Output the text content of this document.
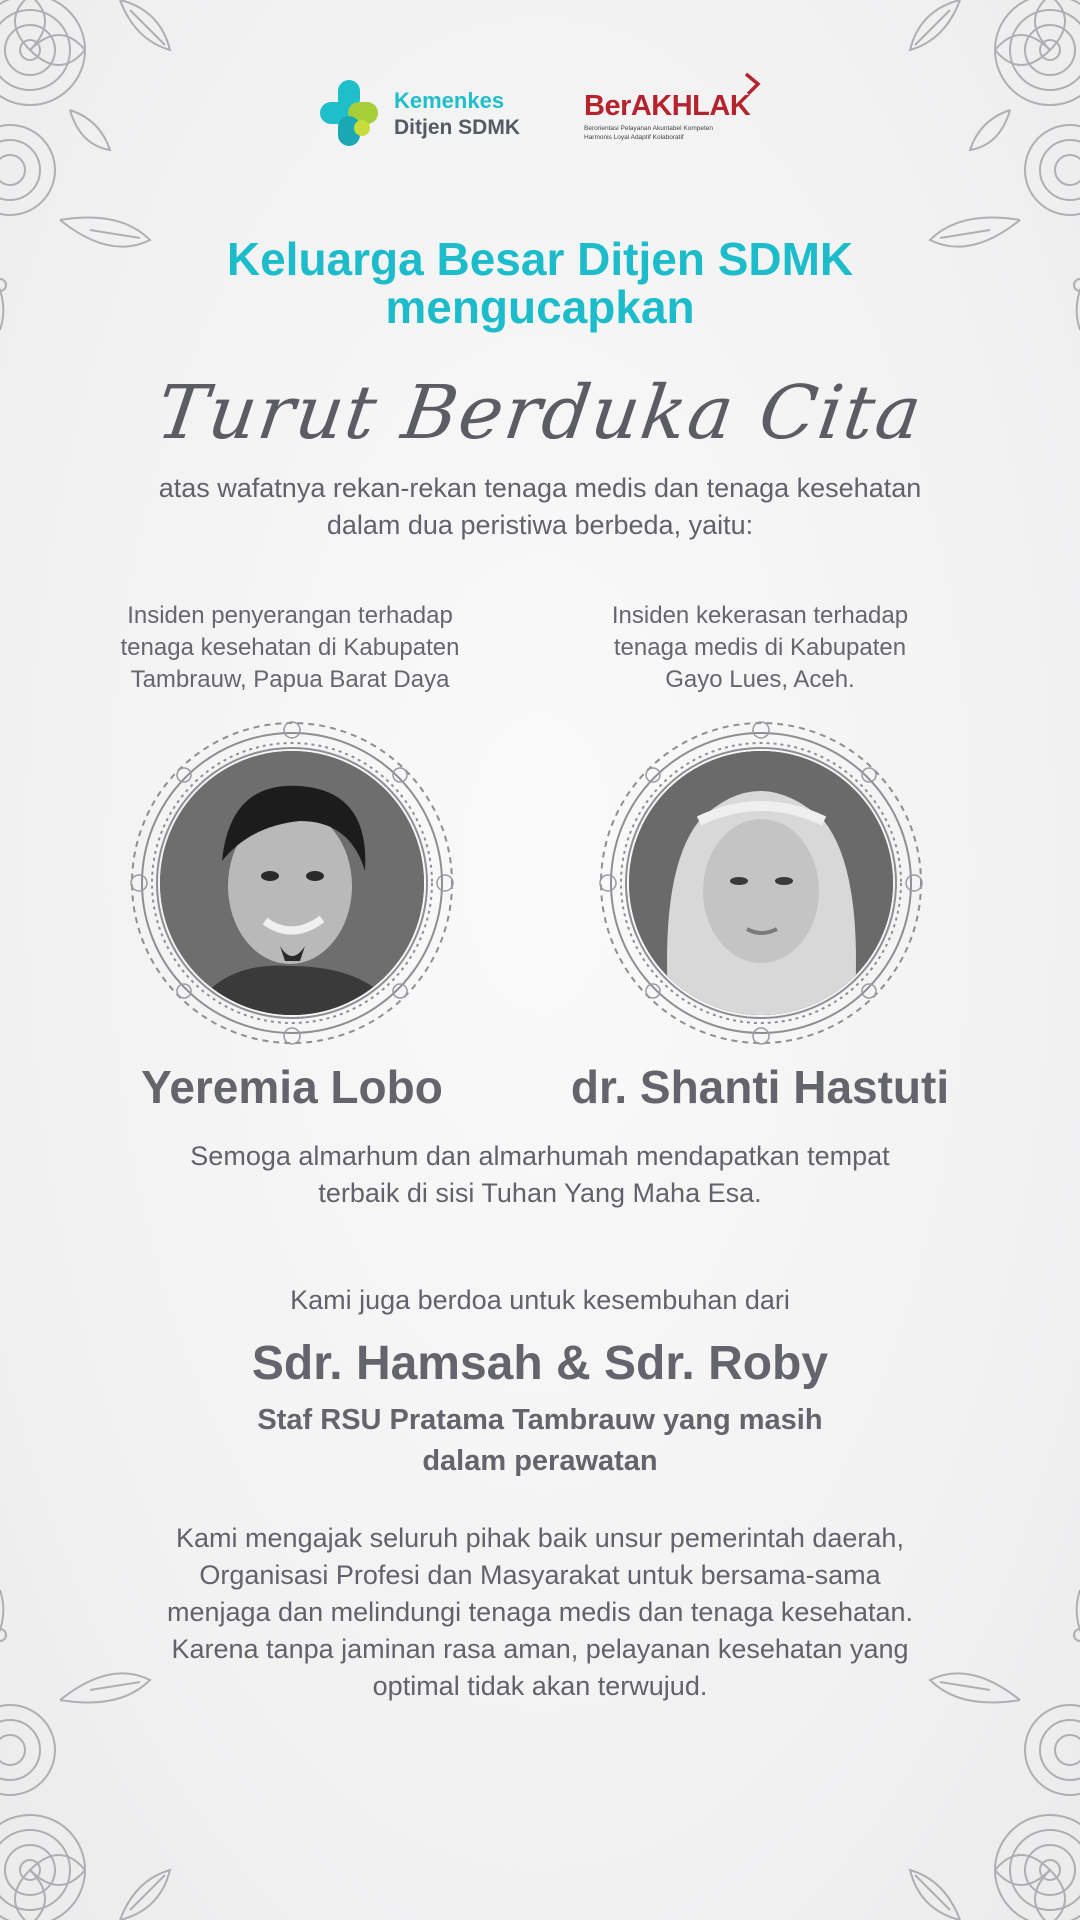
Kemenkes
Ditjen SDMK
BerAKHLAK
Berorientasi Pelayanan Akuntabel Kompeten
Harmonis Loyal Adaptif Kolaboratif
Keluarga Besar Ditjen SDMK
mengucapkan
Turut Berduka Cita
atas wafatnya rekan-rekan tenaga medis dan tenaga kesehatan
dalam dua peristiwa berbeda, yaitu:
Insiden penyerangan terhadap
tenaga kesehatan di Kabupaten
Tambrauw, Papua Barat Daya
Insiden kekerasan terhadap
tenaga medis di Kabupaten
Gayo Lues, Aceh.
Yeremia Lobo	dr. Shanti Hastuti
Semoga almarhum dan almarhumah mendapatkan tempat
terbaik di sisi Tuhan Yang Maha Esa.
Kami juga berdoa untuk kesembuhan dari
Sdr. Hamsah & Sdr. Roby
Staf RSU Pratama Tambrauw yang masih
dalam perawatan
Kami mengajak seluruh pihak baik unsur pemerintah daerah,
Organisasi Profesi dan Masyarakat untuk bersama-sama
menjaga dan melindungi tenaga medis dan tenaga kesehatan.
Karena tanpa jaminan rasa aman, pelayanan kesehatan yang
optimal tidak akan terwujud.
